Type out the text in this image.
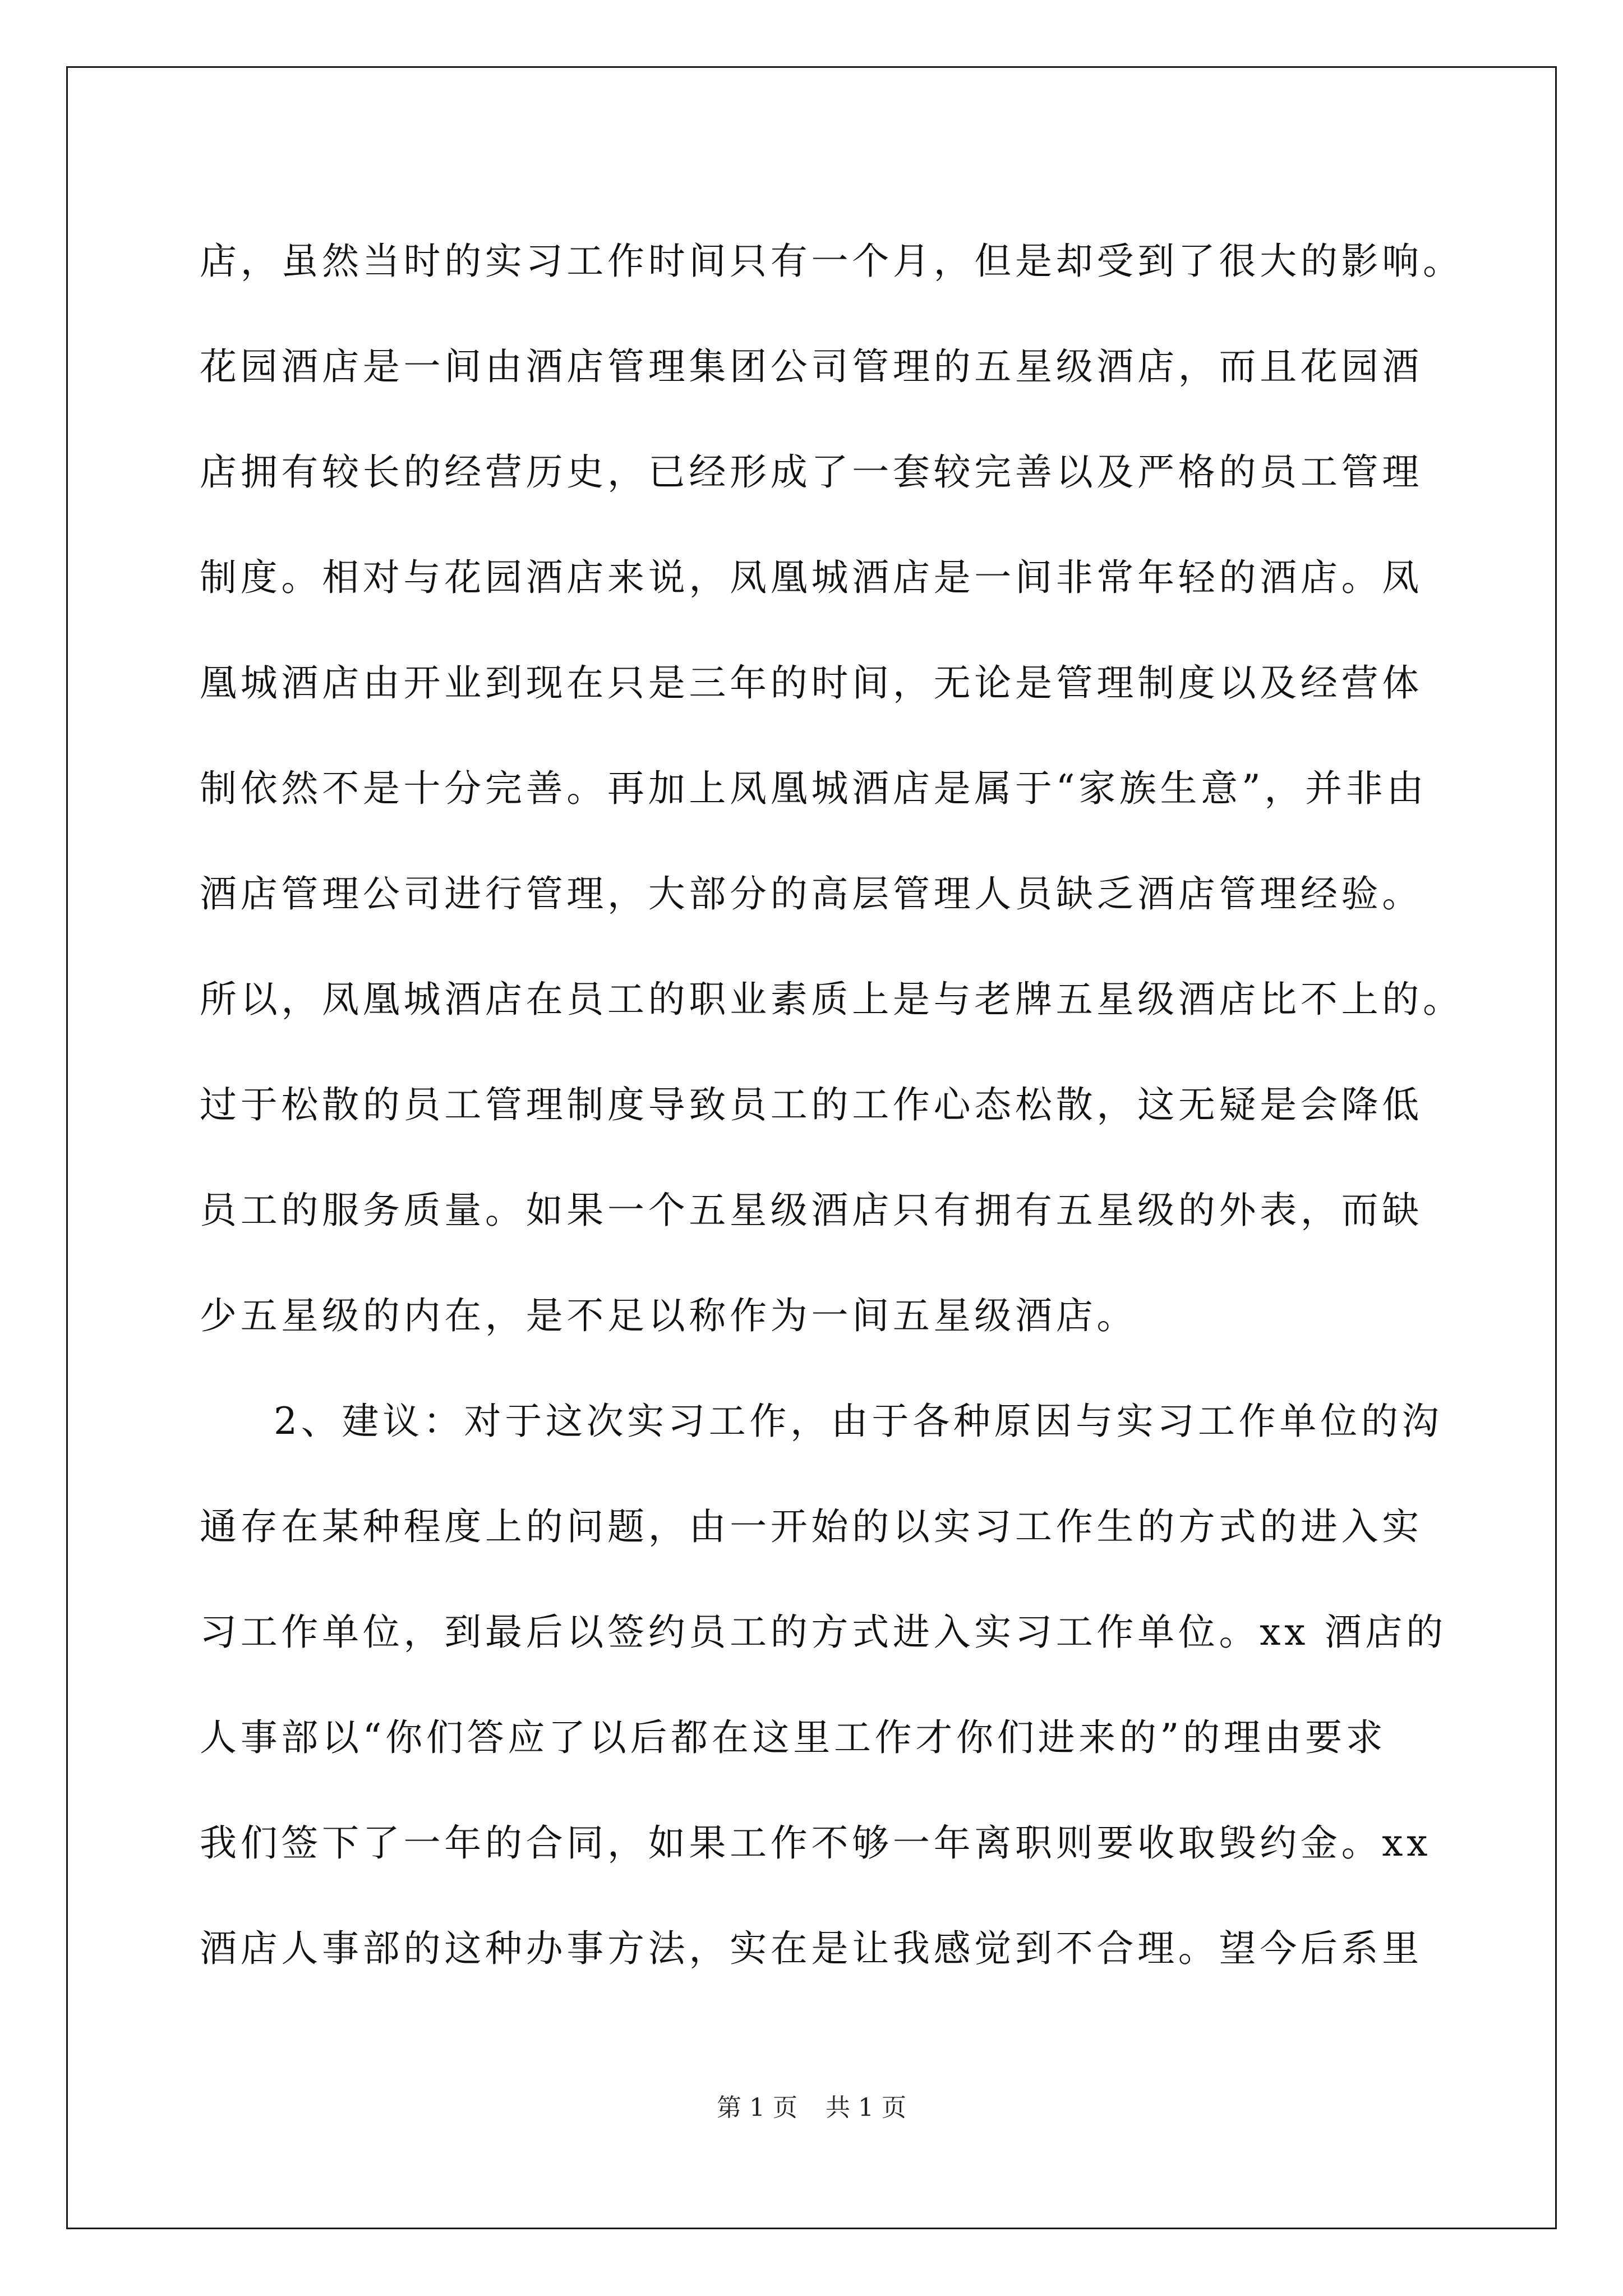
店，虽然当时的实习工作时间只有一个月，但是却受到了很大的影响。
花园酒店是一间由酒店管理集团公司管理的五星级酒店，而且花园酒
店拥有较长的经营历史，已经形成了一套较完善以及严格的员工管理
制度。相对与花园酒店来说，凤凰城酒店是一间非常年轻的酒店。凤
凰城酒店由开业到现在只是三年的时间，无论是管理制度以及经营体
制依然不是十分完善。再加上凤凰城酒店是属于“家族生意”，并非由
酒店管理公司进行管理，大部分的高层管理人员缺乏酒店管理经验。
所以，凤凰城酒店在员工的职业素质上是与老牌五星级酒店比不上的。
过于松散的员工管理制度导致员工的工作心态松散，这无疑是会降低
员工的服务质量。如果一个五星级酒店只有拥有五星级的外表，而缺
少五星级的内在，是不足以称作为一间五星级酒店。
2、建议：对于这次实习工作，由于各种原因与实习工作单位的沟
通存在某种程度上的问题，由一开始的以实习工作生的方式的进入实
习工作单位，到最后以签约员工的方式进入实习工作单位。xx 酒店的
人事部以“你们答应了以后都在这里工作才你们进来的”的理由要求
我们签下了一年的合同，如果工作不够一年离职则要收取毁约金。xx
酒店人事部的这种办事方法，实在是让我感觉到不合理。望今后系里
第 1 页 共 1 页
